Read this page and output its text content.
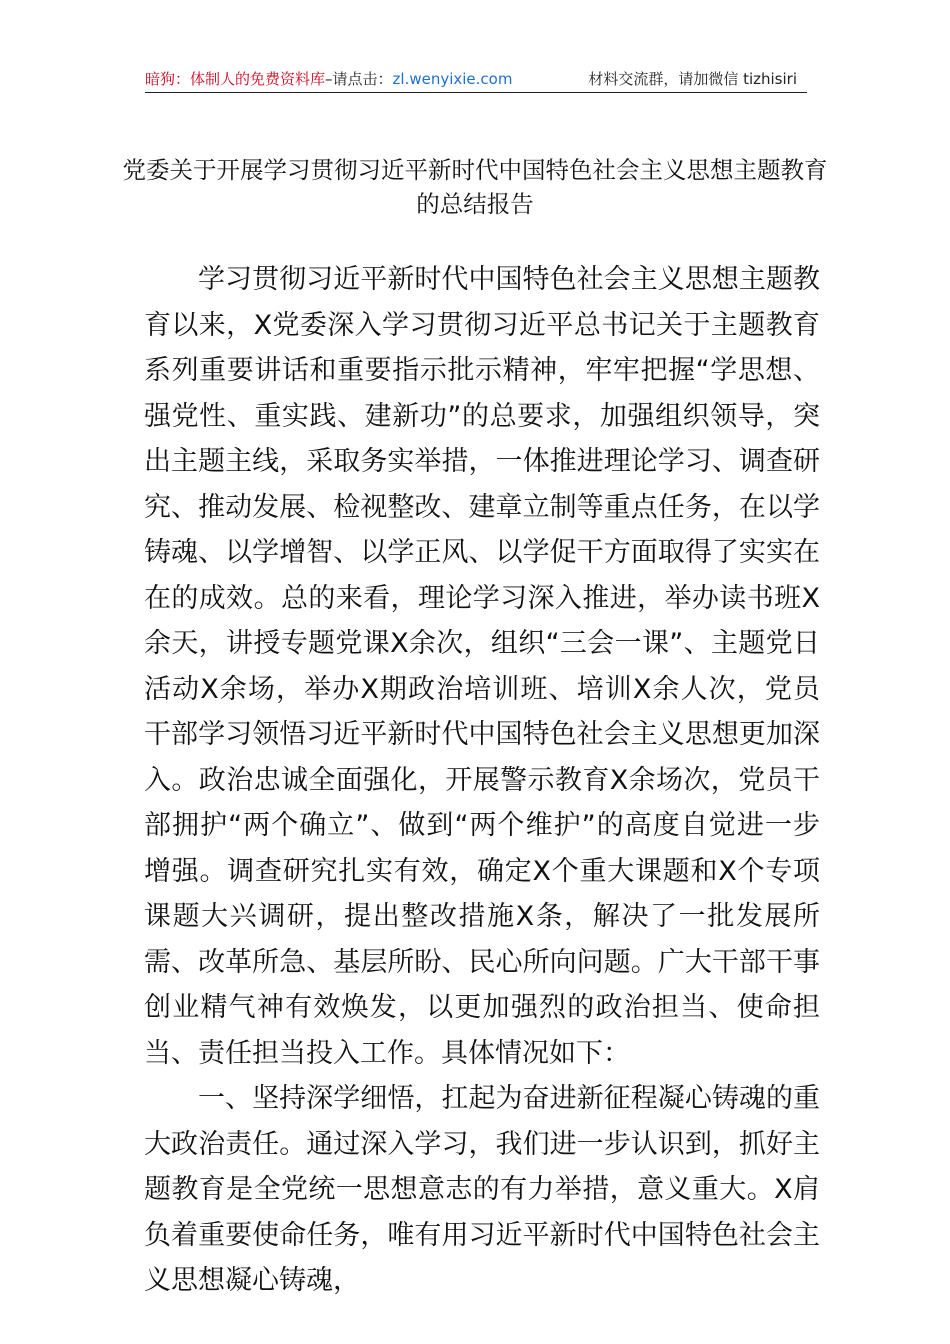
暗狗：体制人的免费资料库–请点击：zl.wenyixie.com	材料交流群，请加微信 tizhisiri
党委关于开展学习贯彻习近平新时代中国特色社会主义思想主题教育的总结报告

学习贯彻习近平新时代中国特色社会主义思想主题教育以来，X党委深入学习贯彻习近平总书记关于主题教育系列重要讲话和重要指示批示精神，牢牢把握“学思想、强党性、重实践、建新功”的总要求，加强组织领导，突出主题主线，采取务实举措，一体推进理论学习、调查研究、推动发展、检视整改、建章立制等重点任务，在以学铸魂、以学增智、以学正风、以学促干方面取得了实实在在的成效。总的来看，理论学习深入推进，举办读书班X余天，讲授专题党课X余次，组织“三会一课”、主题党日活动X余场，举办X期政治培训班、培训X余人次，党员干部学习领悟习近平新时代中国特色社会主义思想更加深入。政治忠诚全面强化，开展警示教育X余场次，党员干部拥护“两个确立”、做到“两个维护”的高度自觉进一步增强。调查研究扎实有效，确定X个重大课题和X个专项课题大兴调研，提出整改措施X条，解决了一批发展所需、改革所急、基层所盼、民心所向问题。广大干部干事创业精气神有效焕发，以更加强烈的政治担当、使命担当、责任担当投入工作。具体情况如下：

一、坚持深学细悟，扛起为奋进新征程凝心铸魂的重大政治责任。通过深入学习，我们进一步认识到，抓好主题教育是全党统一思想意志的有力举措，意义重大。X肩负着重要使命任务，唯有用习近平新时代中国特色社会主义思想凝心铸魂，
